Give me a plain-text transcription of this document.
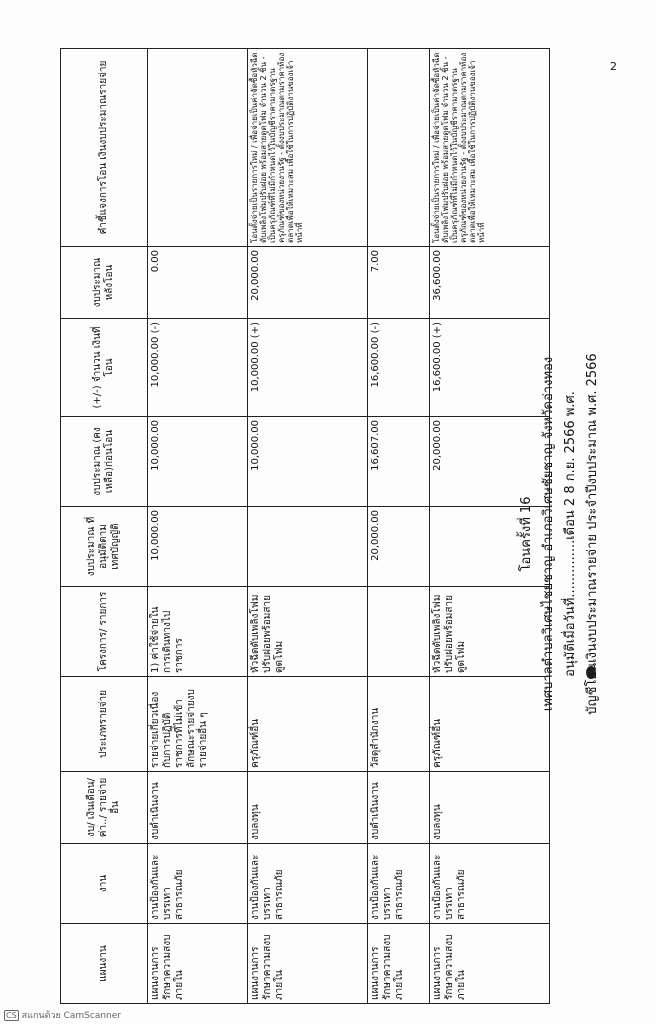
บัญชีโอนเงินงบประมาณรายจ่าย ประจำปีงบประมาณ พ.ศ. 2566
อนุมัติเมื่อวันที่..............เดือน 2 8 ก.ย. 2566 พ.ศ.
เทศบาลตำบลวิเศษไชยชาญ อำเภอวิเศษชัยชาญ จังหวัดอ่างทอง
โอนครั้งที่ 16
แผนงาน	งาน	งบ/ เงินเดือน/ ค่า../ รายจ่ายอื่น	ประเภทรายจ่าย	โครงการ/ รายการ	งบประมาณ ที่อนุมัติตาม เทศบัญญัติ	งบประมาณ (คงเหลือ)ก่อนโอน	(+/-) จำนวน เงินที่โอน	งบประมาณ หลังโอน	คำชี้แจงการโอน เงินงบประมาณรายจ่าย
แผนงานการรักษาความสงบภายใน	งานป้องกันและบรรเทาสาธารณภัย	งบดำเนินงาน	รายจ่ายเกี่ยวเนื่องกับการปฏิบัติราชการที่ไม่เข้าลักษณะรายจ่ายงบรายจ่ายอื่น ๆ	1) ค่าใช้จ่ายในการเดินทางไปราชการ	10,000.00	10,000.00	10,000.00 (-)	0.00	
แผนงานการรักษาความสงบภายใน	งานป้องกันและบรรเทาสาธารณภัย	งบลงทุน	ครุภัณฑ์อื่น	หัวฉีดดับเพลิงโฟมปรับฝอยพร้อมสายดูดโฟม		10,000.00	10,000.00 (+)	20,000.00	โอนตั้งจ่ายเป็นรายการใหม่ / เพื่อจ่ายเป็นค่าจัดซื้อหัวฉีดดับเพลิงโฟมปรับฝอย พร้อมสายดูดโฟม จำนวน 2 ชิ้น - เป็นครุภัณฑ์ที่ไม่มีกำหนดไว้ในบัญชีราคามาตรฐานครุภัณฑ์ของหน่วยงานรัฐ - ตั้งงบประมาณตามราคาท้องตลาดเพื่อให้เหมาะสม เพื่อใช้ในการปฏิบัติงานของเจ้าหน้าที่
แผนงานการรักษาความสงบภายใน	งานป้องกันและบรรเทาสาธารณภัย	งบดำเนินงาน	วัสดุสำนักงาน		20,000.00	16,607.00	16,600.00 (-)	7.00	
แผนงานการรักษาความสงบภายใน	งานป้องกันและบรรเทาสาธารณภัย	งบลงทุน	ครุภัณฑ์อื่น	หัวฉีดดับเพลิงโฟมปรับฝอยพร้อมสายดูดโฟม		20,000.00	16,600.00 (+)	36,600.00	โอนตั้งจ่ายเป็นรายการใหม่ / เพื่อจ่ายเป็นค่าจัดซื้อหัวฉีดดับเพลิงโฟมปรับฝอย พร้อมสายดูดโฟม จำนวน 2 ชิ้น - เป็นครุภัณฑ์ที่ไม่มีกำหนดไว้ในบัญชีราคามาตรฐานครุภัณฑ์ของหน่วยงานรัฐ - ตั้งงบประมาณตามราคาท้องตลาดเพื่อให้เหมาะสม เพื่อใช้ในการปฏิบัติงานของเจ้าหน้าที่
2
CS สแกนด้วย CamScanner
